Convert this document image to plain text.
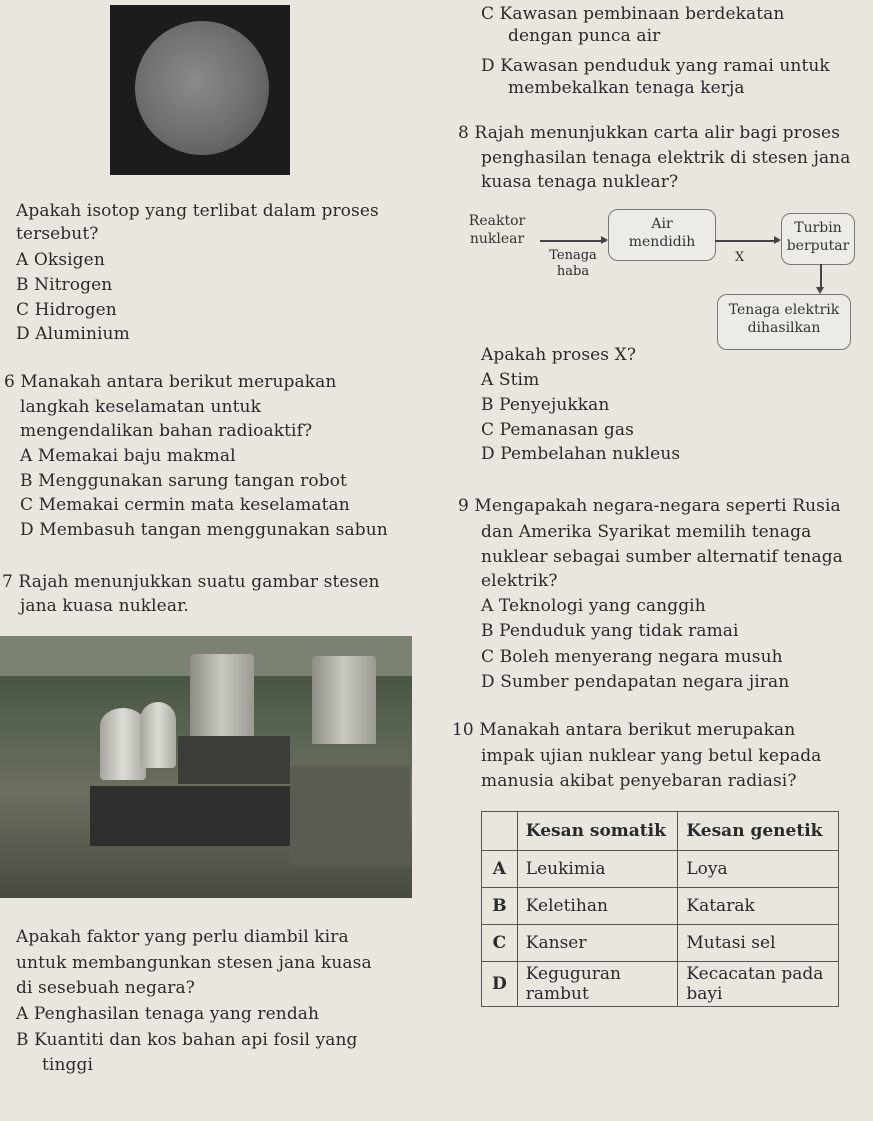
C Kawasan pembinaan berdekatan
dengan punca air
D Kawasan penduduk yang ramai untuk
membekalkan tenaga kerja
8 Rajah menunjukkan carta alir bagi proses
penghasilan tenaga elektrik di stesen jana
kuasa tenaga nuklear?
Reaktor
nuklear
Tenaga
haba
Air
mendidih
X
Turbin
berputar
Tenaga elektrik
dihasilkan
Apakah proses X?
A Stim
B Penyejukkan
C Pemanasan gas
D Pembelahan nukleus
Apakah isotop yang terlibat dalam proses
tersebut?
A Oksigen
B Nitrogen
C Hidrogen
D Aluminium
6 Manakah antara berikut merupakan
langkah keselamatan untuk
mengendalikan bahan radioaktif?
A Memakai baju makmal
B Menggunakan sarung tangan robot
C Memakai cermin mata keselamatan
D Membasuh tangan menggunakan sabun
7 Rajah menunjukkan suatu gambar stesen
jana kuasa nuklear.
Apakah faktor yang perlu diambil kira
untuk membangunkan stesen jana kuasa
di sesebuah negara?
A Penghasilan tenaga yang rendah
B Kuantiti dan kos bahan api fosil yang
tinggi
9 Mengapakah negara-negara seperti Rusia
dan Amerika Syarikat memilih tenaga
nuklear sebagai sumber alternatif tenaga
elektrik?
A Teknologi yang canggih
B Penduduk yang tidak ramai
C Boleh menyerang negara musuh
D Sumber pendapatan negara jiran
10 Manakah antara berikut merupakan
impak ujian nuklear yang betul kepada
manusia akibat penyebaran radiasi?
	Kesan somatik	Kesan genetik
A	Leukimia	Loya
B	Keletihan	Katarak
C	Kanser	Mutasi sel
D	Keguguran rambut	Kecacatan pada bayi
